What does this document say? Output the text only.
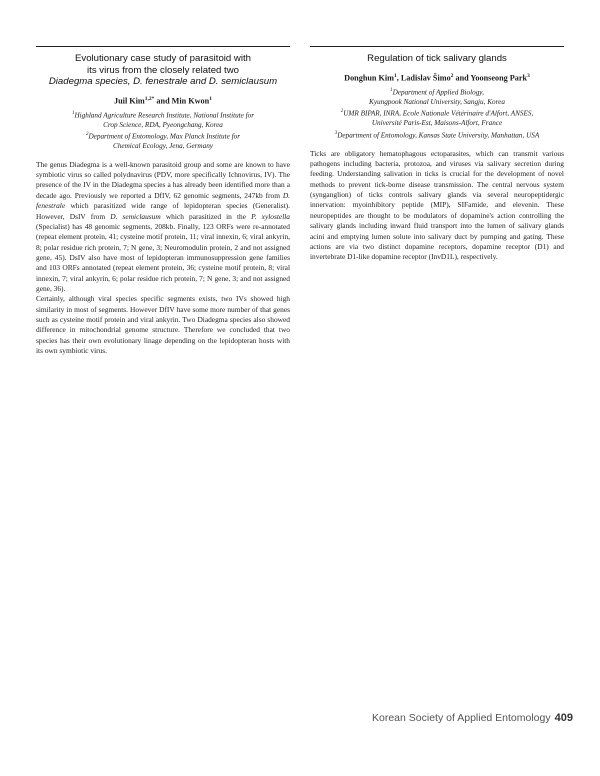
Evolutionary case study of parasitoid with
its virus from the closely related two
Diadegma species, D. fenestrale and D. semiclausum
Juil Kim$^{1,2*}$ and Min Kwon$^1$
$^1$Highland Agriculture Research Institute, National Institute for
Crop Science, RDA, Pyeongchang, Korea
$^2$Department of Entomology, Max Planck Institute for
Chemical Ecology, Jena, Germany

The genus Diadegma is a well-known parasitoid group and some are known to have symbiotic virus so called polydnavirus (PDV, more specifically Ichnovirus, IV). The presence of the IV in the Diadegma species a has already been identified more than a decade ago. Previously we reported a DfIV, 62 genomic segments, 247kb from D. fenestrale which parasitized wide range of lepidopteran species (Generalist). However, DsIV from D. semiclausum which parasitized in the P. xylostella (Specialist) has 48 genomic segments, 208kb. Finally, 123 ORFs were re-annotated (repeat element protein, 41; cysteine motif protein, 11; viral innexin, 6; viral ankyrin, 8; polar residue rich protein, 7; N gene, 3; Neuromodulin protein, 2 and not assigned gene, 45). DsIV also have most of lepidopteran immunosuppression gene families and 103 ORFs annotated (repeat element protein, 36; cysteine motif protein, 8; viral innexin, 7; viral ankyrin, 6; polar residue rich protein, 7; N gene, 3; and not assigned gene, 36).

Certainly, although viral species specific segments exists, two IVs showed high similarity in most of segments. However DfIV have some more number of that genes such as cysteine motif protein and viral ankyrin. Two Diadegma species also showed difference in mitochondrial genome structure. Therefore we concluded that two species has their own evolutionary linage depending on the lepidopteran hosts with its own symbiotic virus.

Regulation of tick salivary glands
Donghun Kim$^1$, Ladislav Šimo$^2$ and Yoonseong Park$^3$
$^1$Department of Applied Biology,
Kyungpook National University, Sangju, Korea
$^2$UMR BIPAR, INRA, Ecole Nationale Vétérinaire d'Alfort, ANSES,
Université Paris-Est, Maisons-Alfort, France
$^3$Department of Entomology, Kansas State University, Manhattan, USA

Ticks are obligatory hematophagous ectoparasites, which can transmit various pathogens including bacteria, protozoa, and viruses via salivary secretion during feeding. Understanding salivation in ticks is crucial for the development of novel methods to prevent tick-borne disease transmission. The central nervous system (synganglion) of ticks controls salivary glands via several neuropeptidergic innervation: myoinhibitory peptide (MIP), SIFamide, and elevenin. These neuropeptides are thought to be modulators of dopamine's action controlling the salivary glands including inward fluid transport into the lumen of salivary glands acini and emptying lumen solute into salivary duct by pumping and gating. These actions are via two distinct dopamine receptors, dopamine receptor (D1) and invertebrate D1-like dopamine receptor (InvD1L), respectively.

Korean Society of Applied Entomology 409
